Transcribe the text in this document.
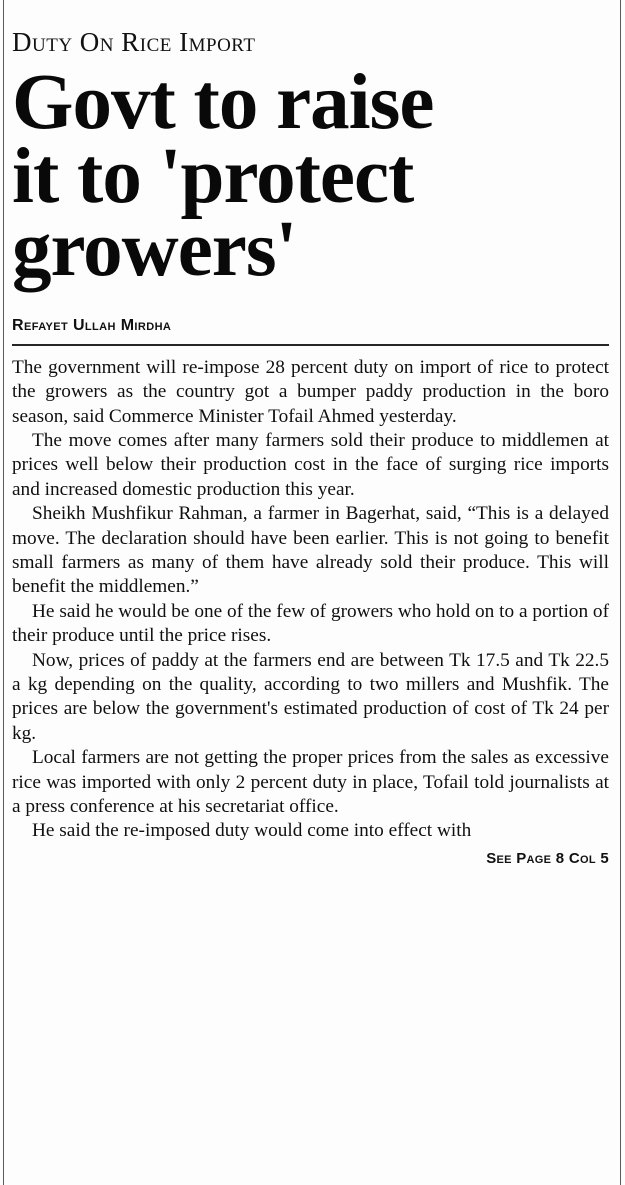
Duty On Rice Import
Govt to raise
it to 'protect
growers'
Refayet Ullah Mirdha

The government will re-impose 28 percent duty on import of rice to protect the growers as the country got a bumper paddy production in the boro season, said Commerce Minister Tofail Ahmed yesterday.

The move comes after many farmers sold their produce to middlemen at prices well below their production cost in the face of surging rice imports and increased domestic production this year.

Sheikh Mushfikur Rahman, a farmer in Bagerhat, said, “This is a delayed move. The declaration should have been earlier. This is not going to benefit small farmers as many of them have already sold their produce. This will benefit the middlemen.”

He said he would be one of the few of growers who hold on to a portion of their produce until the price rises.

Now, prices of paddy at the farmers end are between Tk 17.5 and Tk 22.5 a kg depending on the quality, according to two millers and Mushfik. The prices are below the government's estimated production of cost of Tk 24 per kg.

Local farmers are not getting the proper prices from the sales as excessive rice was imported with only 2 percent duty in place, Tofail told journalists at a press conference at his secretariat office.

He said the re-imposed duty would come into effect with

See Page 8 Col 5
